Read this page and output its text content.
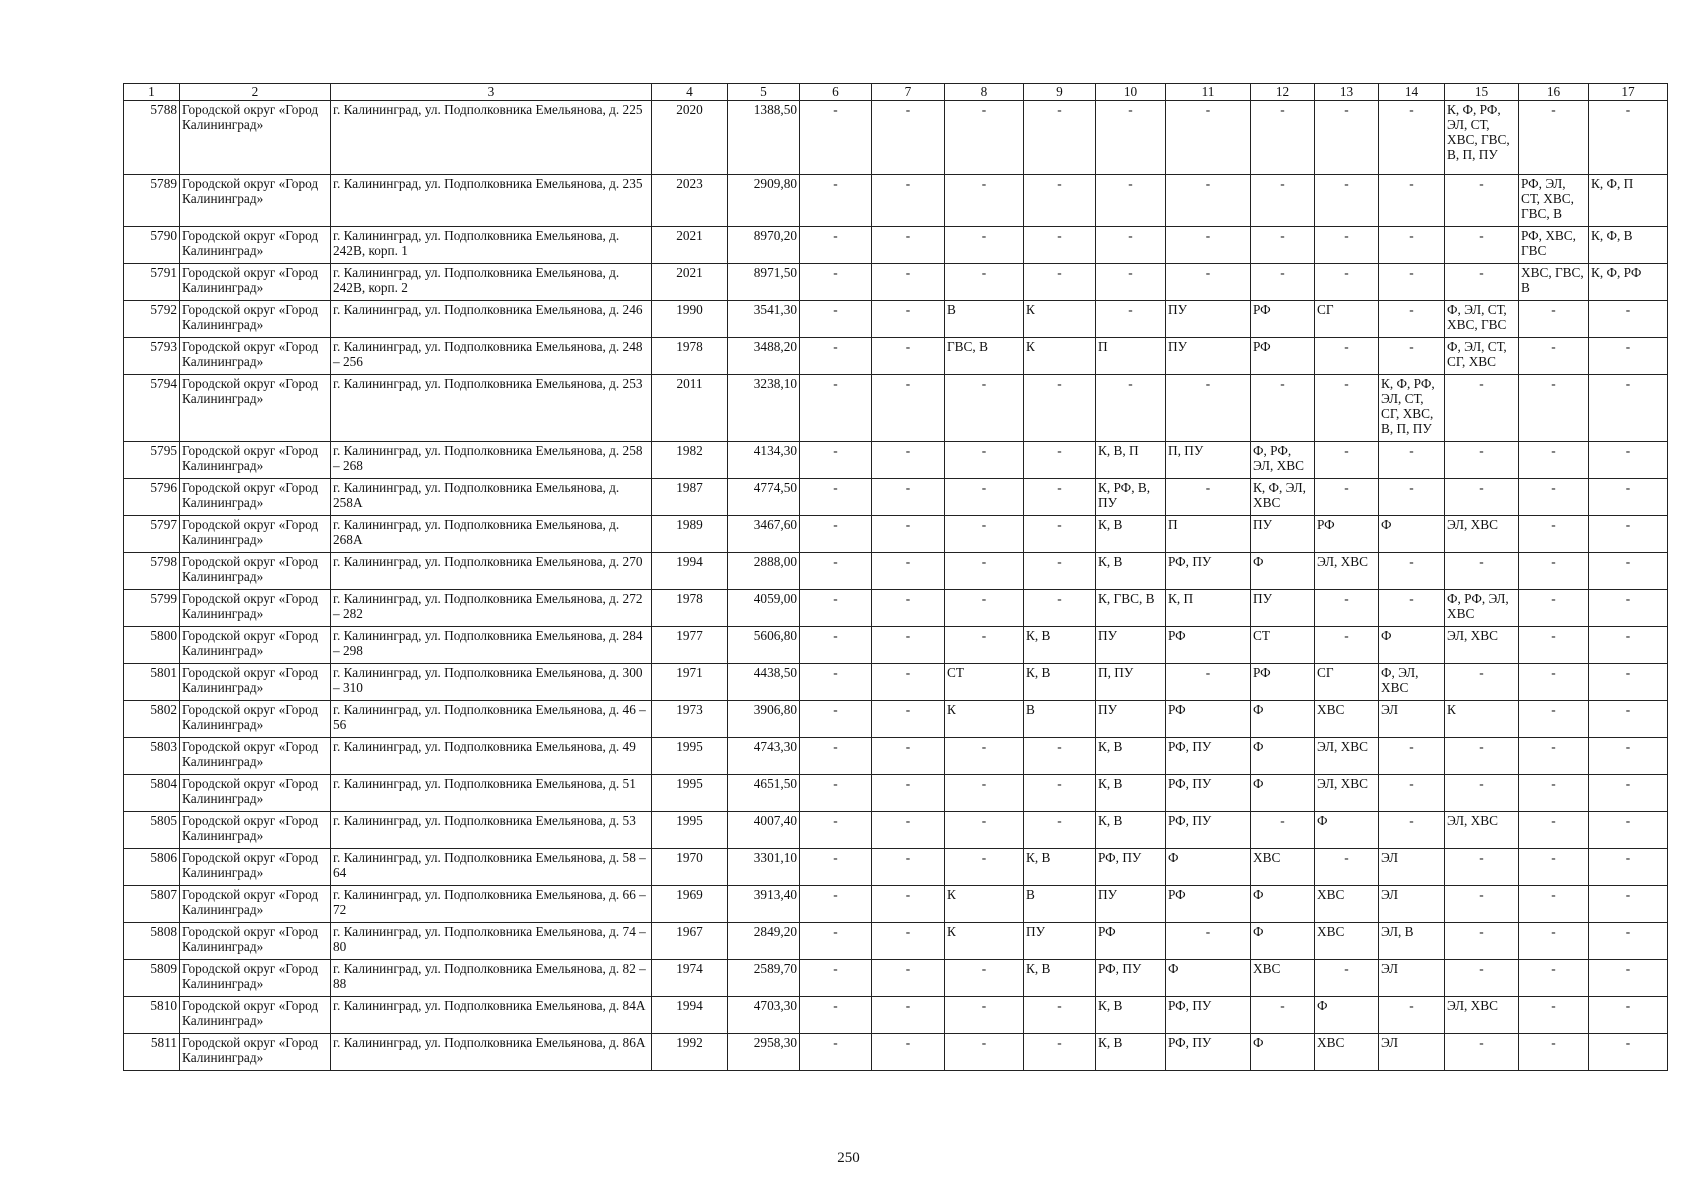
1	2	3	4	5	6	7	8	9	10	11	12	13	14	15	16	17
5788	Городской округ «Город Калининград»	г. Калининград, ул. Подполковника Емельянова, д. 225	2020	1388,50	-	-	-	-	-	-	-	-	-	К, Ф, РФ, ЭЛ, СТ, ХВС, ГВС, В, П, ПУ	-	-
5789	Городской округ «Город Калининград»	г. Калининград, ул. Подполковника Емельянова, д. 235	2023	2909,80	-	-	-	-	-	-	-	-	-	-	РФ, ЭЛ, СТ, ХВС, ГВС, В	К, Ф, П
5790	Городской округ «Город Калининград»	г. Калининград, ул. Подполковника Емельянова, д. 242В, корп. 1	2021	8970,20	-	-	-	-	-	-	-	-	-	-	РФ, ХВС, ГВС	К, Ф, В
5791	Городской округ «Город Калининград»	г. Калининград, ул. Подполковника Емельянова, д. 242В, корп. 2	2021	8971,50	-	-	-	-	-	-	-	-	-	-	ХВС, ГВС, В	К, Ф, РФ
5792	Городской округ «Город Калининград»	г. Калининград, ул. Подполковника Емельянова, д. 246	1990	3541,30	-	-	В	К	-	ПУ	РФ	СГ	-	Ф, ЭЛ, СТ, ХВС, ГВС	-	-
5793	Городской округ «Город Калининград»	г. Калининград, ул. Подполковника Емельянова, д. 248 – 256	1978	3488,20	-	-	ГВС, В	К	П	ПУ	РФ	-	-	Ф, ЭЛ, СТ, СГ, ХВС	-	-
5794	Городской округ «Город Калининград»	г. Калининград, ул. Подполковника Емельянова, д. 253	2011	3238,10	-	-	-	-	-	-	-	-	К, Ф, РФ, ЭЛ, СТ, СГ, ХВС, В, П, ПУ	-	-	-
5795	Городской округ «Город Калининград»	г. Калининград, ул. Подполковника Емельянова, д. 258 – 268	1982	4134,30	-	-	-	-	К, В, П	П, ПУ	Ф, РФ, ЭЛ, ХВС	-	-	-	-	-
5796	Городской округ «Город Калининград»	г. Калининград, ул. Подполковника Емельянова, д. 258А	1987	4774,50	-	-	-	-	К, РФ, В, ПУ	-	К, Ф, ЭЛ, ХВС	-	-	-	-	-
5797	Городской округ «Город Калининград»	г. Калининград, ул. Подполковника Емельянова, д. 268А	1989	3467,60	-	-	-	-	К, В	П	ПУ	РФ	Ф	ЭЛ, ХВС	-	-
5798	Городской округ «Город Калининград»	г. Калининград, ул. Подполковника Емельянова, д. 270	1994	2888,00	-	-	-	-	К, В	РФ, ПУ	Ф	ЭЛ, ХВС	-	-	-	-
5799	Городской округ «Город Калининград»	г. Калининград, ул. Подполковника Емельянова, д. 272 – 282	1978	4059,00	-	-	-	-	К, ГВС, В	К, П	ПУ	-	-	Ф, РФ, ЭЛ, ХВС	-	-
5800	Городской округ «Город Калининград»	г. Калининград, ул. Подполковника Емельянова, д. 284 – 298	1977	5606,80	-	-	-	К, В	ПУ	РФ	СТ	-	Ф	ЭЛ, ХВС	-	-
5801	Городской округ «Город Калининград»	г. Калининград, ул. Подполковника Емельянова, д. 300 – 310	1971	4438,50	-	-	СТ	К, В	П, ПУ	-	РФ	СГ	Ф, ЭЛ, ХВС	-	-	-
5802	Городской округ «Город Калининград»	г. Калининград, ул. Подполковника Емельянова, д. 46 – 56	1973	3906,80	-	-	К	В	ПУ	РФ	Ф	ХВС	ЭЛ	К	-	-
5803	Городской округ «Город Калининград»	г. Калининград, ул. Подполковника Емельянова, д. 49	1995	4743,30	-	-	-	-	К, В	РФ, ПУ	Ф	ЭЛ, ХВС	-	-	-	-
5804	Городской округ «Город Калининград»	г. Калининград, ул. Подполковника Емельянова, д. 51	1995	4651,50	-	-	-	-	К, В	РФ, ПУ	Ф	ЭЛ, ХВС	-	-	-	-
5805	Городской округ «Город Калининград»	г. Калининград, ул. Подполковника Емельянова, д. 53	1995	4007,40	-	-	-	-	К, В	РФ, ПУ	-	Ф	-	ЭЛ, ХВС	-	-
5806	Городской округ «Город Калининград»	г. Калининград, ул. Подполковника Емельянова, д. 58 – 64	1970	3301,10	-	-	-	К, В	РФ, ПУ	Ф	ХВС	-	ЭЛ	-	-	-
5807	Городской округ «Город Калининград»	г. Калининград, ул. Подполковника Емельянова, д. 66 – 72	1969	3913,40	-	-	К	В	ПУ	РФ	Ф	ХВС	ЭЛ	-	-	-
5808	Городской округ «Город Калининград»	г. Калининград, ул. Подполковника Емельянова, д. 74 – 80	1967	2849,20	-	-	К	ПУ	РФ	-	Ф	ХВС	ЭЛ, В	-	-	-
5809	Городской округ «Город Калининград»	г. Калининград, ул. Подполковника Емельянова, д. 82 – 88	1974	2589,70	-	-	-	К, В	РФ, ПУ	Ф	ХВС	-	ЭЛ	-	-	-
5810	Городской округ «Город Калининград»	г. Калининград, ул. Подполковника Емельянова, д. 84А	1994	4703,30	-	-	-	-	К, В	РФ, ПУ	-	Ф	-	ЭЛ, ХВС	-	-
5811	Городской округ «Город Калининград»	г. Калининград, ул. Подполковника Емельянова, д. 86А	1992	2958,30	-	-	-	-	К, В	РФ, ПУ	Ф	ХВС	ЭЛ	-	-	-
250
